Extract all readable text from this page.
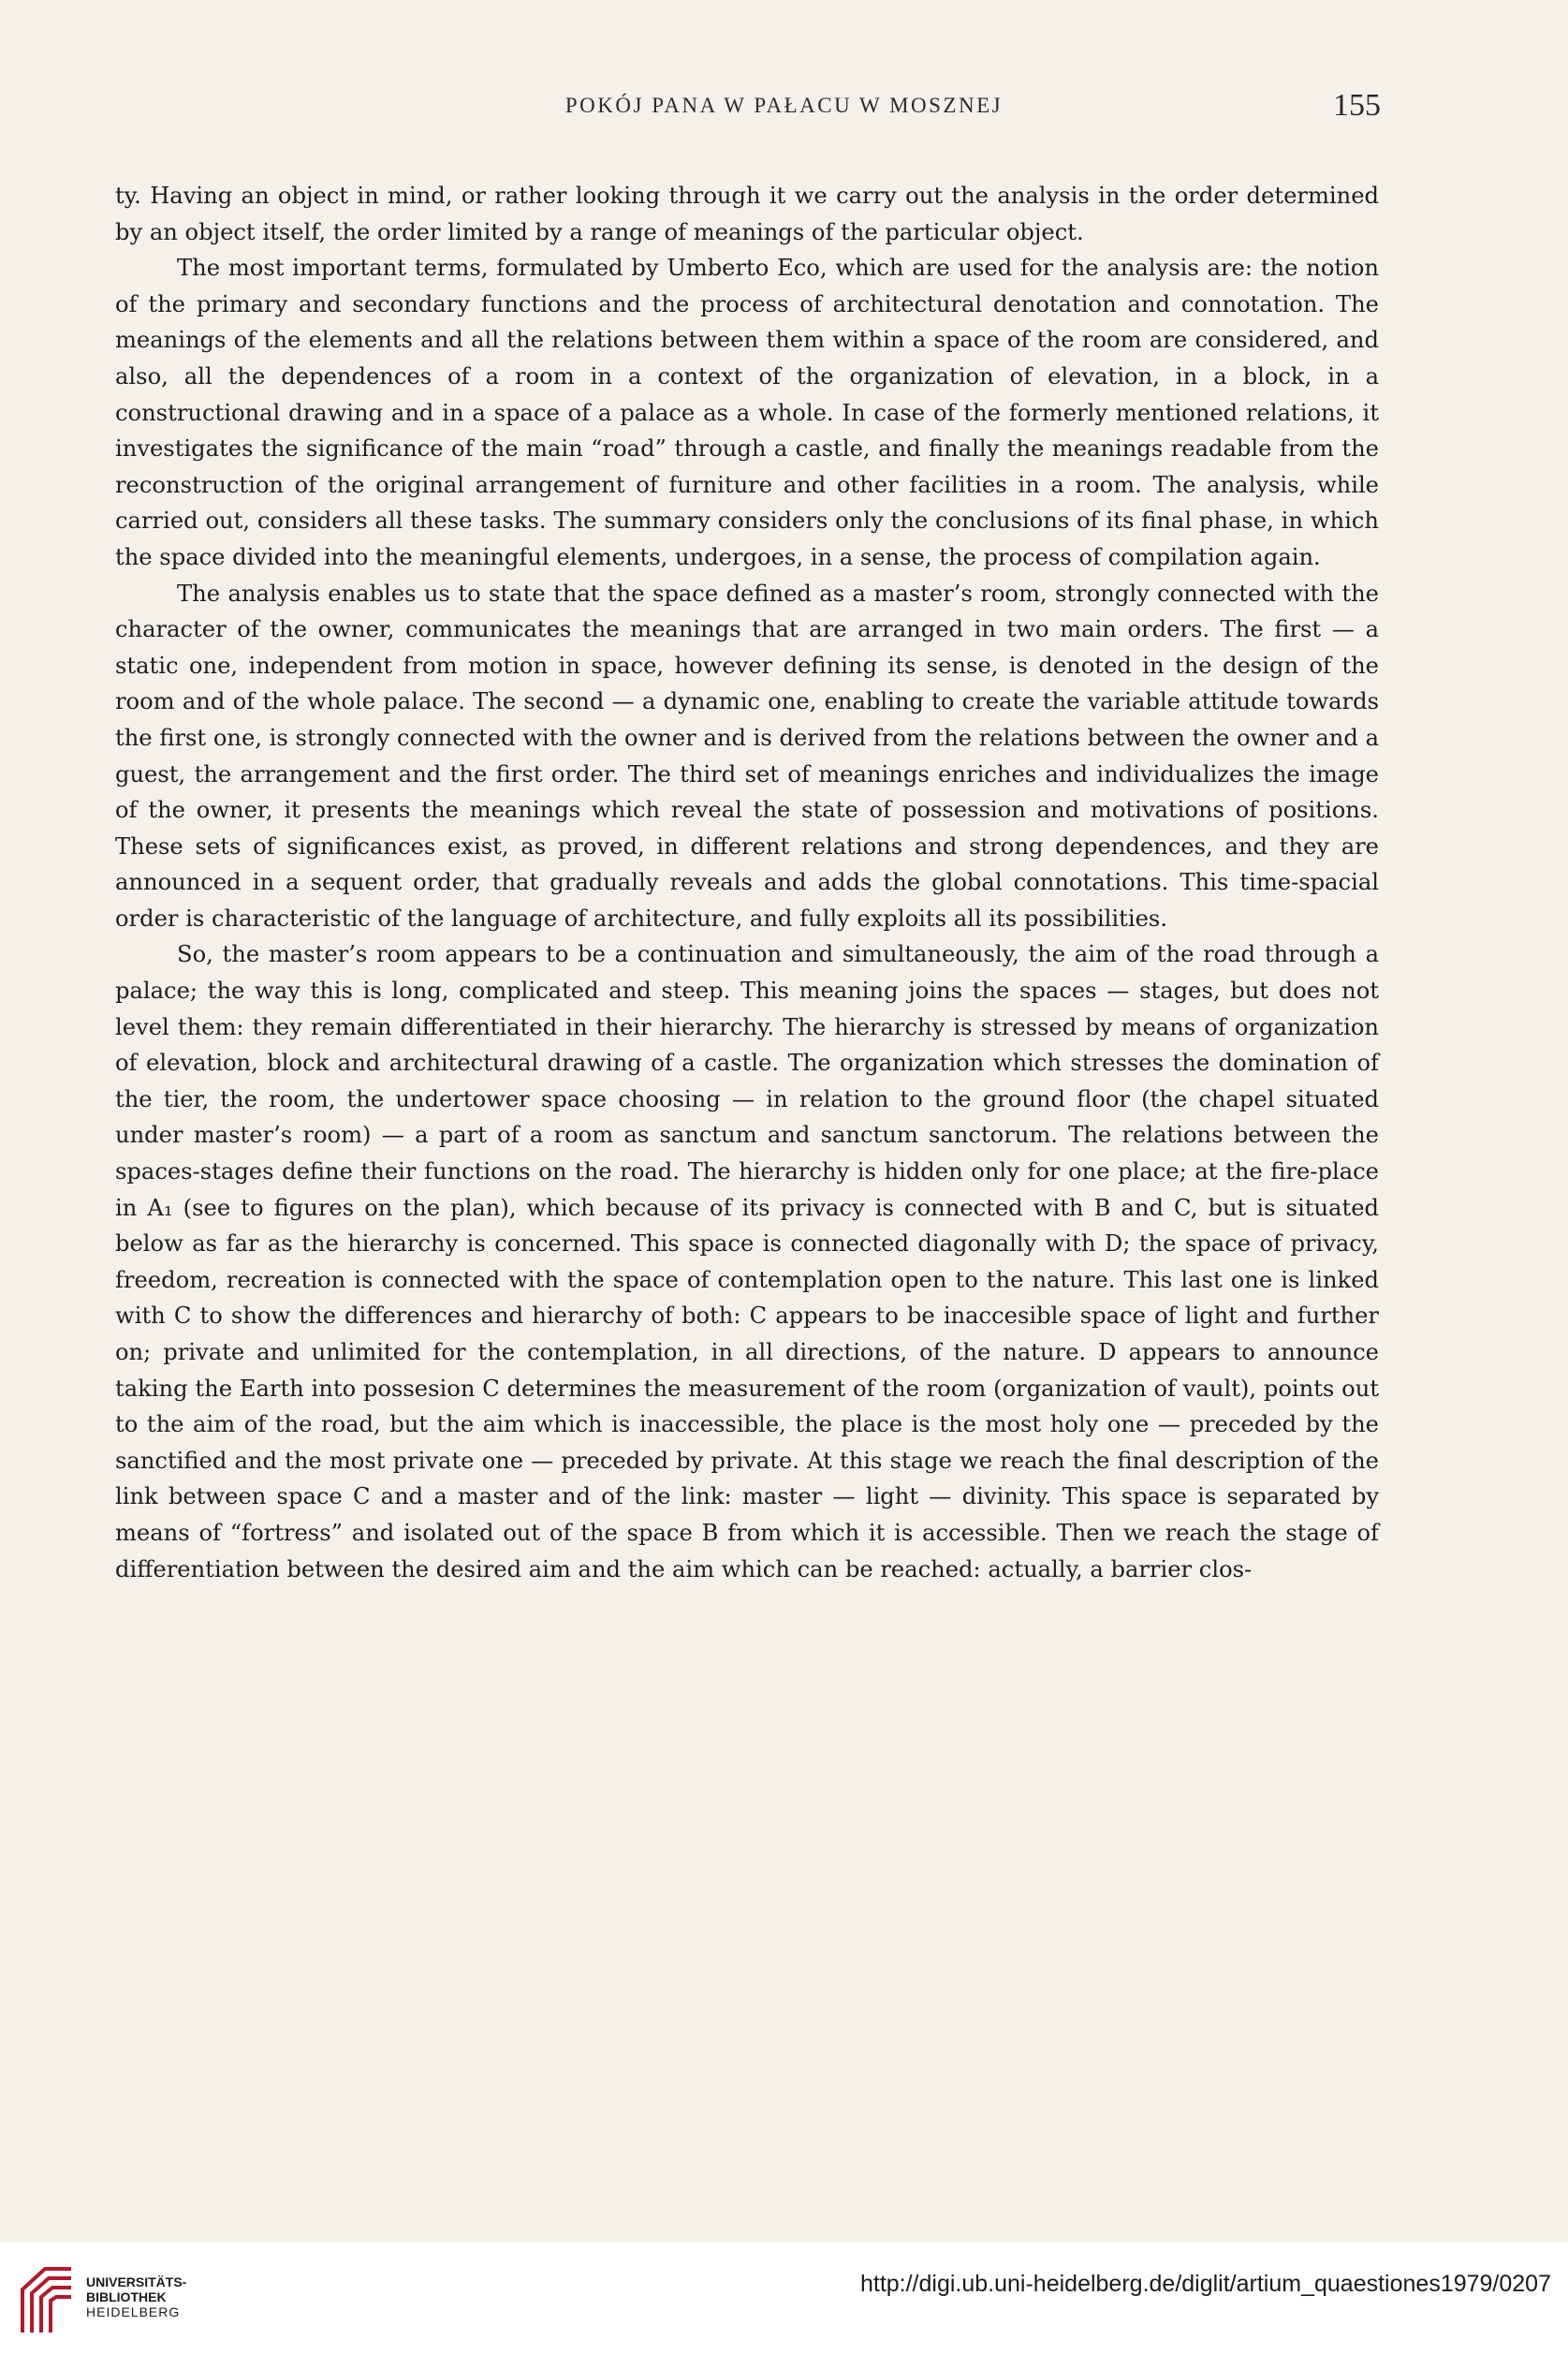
POKÓJ PANA W PAŁACU W MOSZNEJ	155

ty. Having an object in mind, or rather looking through it we carry out the analysis in the order determined by an object itself, the order limited by a range of meanings of the particular object.

The most important terms, formulated by Umberto Eco, which are used for the analysis are: the notion of the primary and secondary functions and the process of architectural denotation and connotation. The meanings of the elements and all the relations between them within a space of the room are considered, and also, all the dependences of a room in a context of the organization of elevation, in a block, in a constructional drawing and in a space of a palace as a whole. In case of the formerly mentioned relations, it investigates the significance of the main “road” through a castle, and finally the meanings readable from the reconstruction of the original arrangement of furniture and other facilities in a room. The analysis, while carried out, considers all these tasks. The summary considers only the conclusions of its final phase, in which the space divided into the meaningful elements, undergoes, in a sense, the process of compilation again.

The analysis enables us to state that the space defined as a master’s room, strongly connected with the character of the owner, communicates the meanings that are arranged in two main orders. The first — a static one, independent from motion in space, however defining its sense, is denoted in the design of the room and of the whole palace. The second — a dynamic one, enabling to create the variable attitude towards the first one, is strongly connected with the owner and is derived from the relations between the owner and a guest, the arrangement and the first order. The third set of meanings enriches and individualizes the image of the owner, it presents the meanings which reveal the state of possession and motivations of positions. These sets of significances exist, as proved, in different relations and strong dependences, and they are announced in a sequent order, that gradually reveals and adds the global connotations. This time-spacial order is characteristic of the language of architecture, and fully exploits all its possibilities.

So, the master’s room appears to be a continuation and simultaneously, the aim of the road through a palace; the way this is long, complicated and steep. This meaning joins the spaces — stages, but does not level them: they remain differentiated in their hierarchy. The hierarchy is stressed by means of organization of elevation, block and architectural drawing of a castle. The organization which stresses the domination of the tier, the room, the undertower space choosing — in relation to the ground floor (the chapel situated under master’s room) — a part of a room as sanctum and sanctum sanctorum. The relations between the spaces-stages define their functions on the road. The hierarchy is hidden only for one place; at the fire-place in A₁ (see to figures on the plan), which because of its privacy is connected with B and C, but is situated below as far as the hierarchy is concerned. This space is connected diagonally with D; the space of privacy, freedom, recreation is connected with the space of contemplation open to the nature. This last one is linked with C to show the differences and hierarchy of both: C appears to be inaccesible space of light and further on; private and unlimited for the contemplation, in all directions, of the nature. D appears to announce taking the Earth into possesion C determines the measurement of the room (organization of vault), points out to the aim of the road, but the aim which is inaccessible, the place is the most holy one — preceded by the sanctified and the most private one — preceded by private. At this stage we reach the final description of the link between space C and a master and of the link: master — light — divinity. This space is separated by means of “fortress” and isolated out of the space B from which it is accessible. Then we reach the stage of differentiation between the desired aim and the aim which can be reached: actually, a barrier clos-

UNIVERSITÄTS-
BIBLIOTHEK
HEIDELBERG
http://digi.ub.uni-heidelberg.de/diglit/artium_quaestiones1979/0207
